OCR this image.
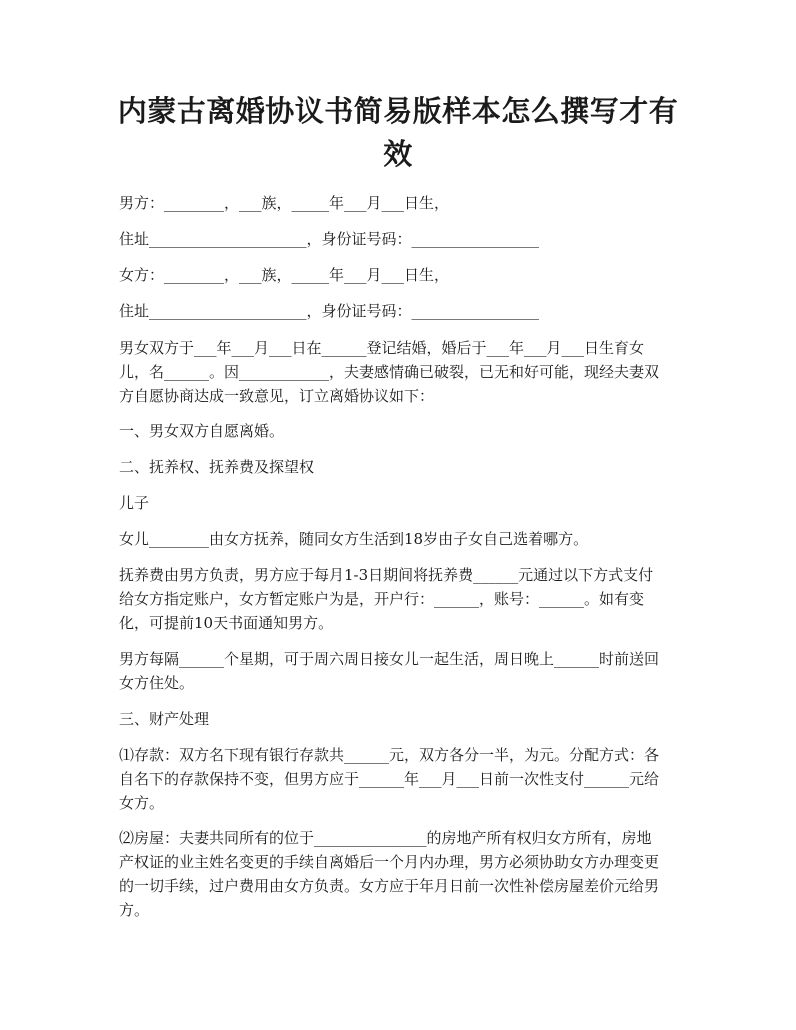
内蒙古离婚协议书简易版样本怎么撰写才有
效

男方：________，___族，_____年___月___日生，

住址_____________________，身份证号码：_________________

女方：________，___族，_____年___月___日生，

住址_____________________，身份证号码：_________________

男女双方于___年___月___日在______登记结婚，婚后于___年___月___日生育女
儿，名______。因____________，夫妻感情确已破裂，已无和好可能，现经夫妻双
方自愿协商达成一致意见，订立离婚协议如下：

一、男女双方自愿离婚。

二、抚养权、抚养费及探望权

儿子

女儿________由女方抚养，随同女方生活到18岁由子女自己选着哪方。

抚养费由男方负责，男方应于每月1-3日期间将抚养费______元通过以下方式支付
给女方指定账户，女方暂定账户为是，开户行：______，账号：______。如有变
化，可提前10天书面通知男方。
男方每隔______个星期，可于周六周日接女儿一起生活，周日晚上______时前送回
女方住处。

三、财产处理

⑴存款：双方名下现有银行存款共______元，双方各分一半，为元。分配方式：各
自名下的存款保持不变，但男方应于______年___月___日前一次性支付______元给
女方。
⑵房屋：夫妻共同所有的位于_______________的房地产所有权归女方所有，房地
产权证的业主姓名变更的手续自离婚后一个月内办理，男方必须协助女方办理变更
的一切手续，过户费用由女方负责。女方应于年月日前一次性补偿房屋差价元给男
方。
